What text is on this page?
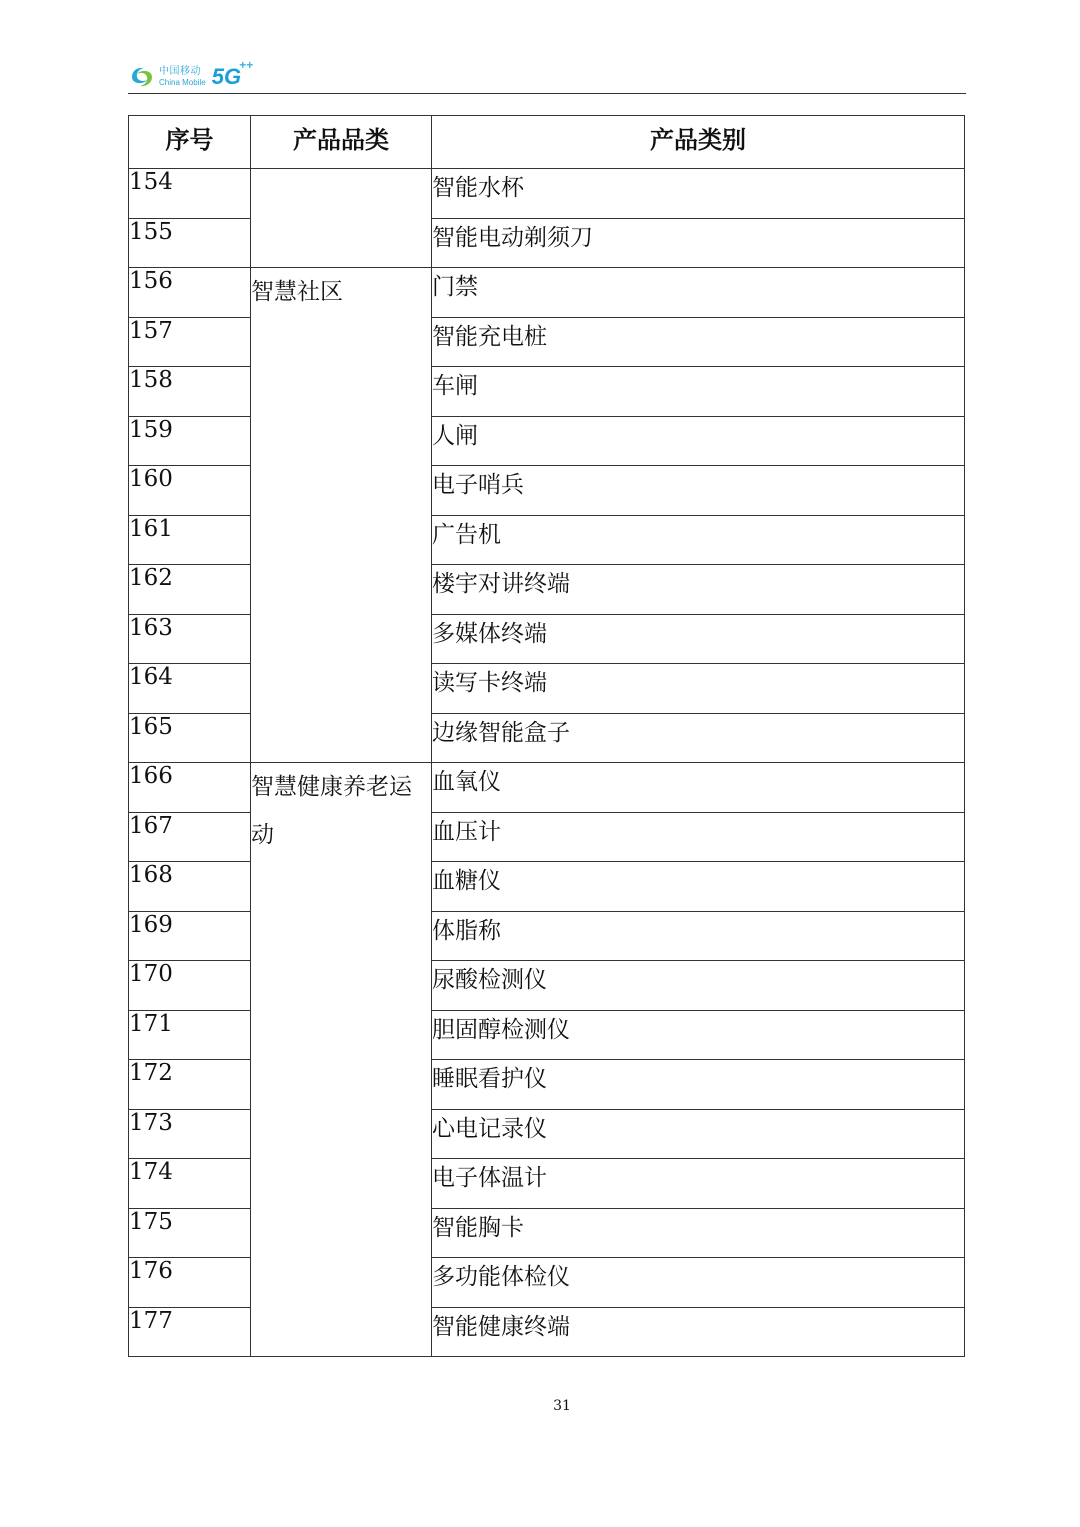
中国移动
China Mobile 5G
++
序号	产品品类	产品类别
154		智能水杯
155		智能电动剃须刀
156	智慧社区	门禁
157		智能充电桩
158		车闸
159		人闸
160		电子哨兵
161		广告机
162		楼宇对讲终端
163		多媒体终端
164		读写卡终端
165		边缘智能盒子
166	智慧健康养老运动	血氧仪
167		血压计
168		血糖仪
169		体脂称
170		尿酸检测仪
171		胆固醇检测仪
172		睡眠看护仪
173		心电记录仪
174		电子体温计
175		智能胸卡
176		多功能体检仪
177		智能健康终端
31
